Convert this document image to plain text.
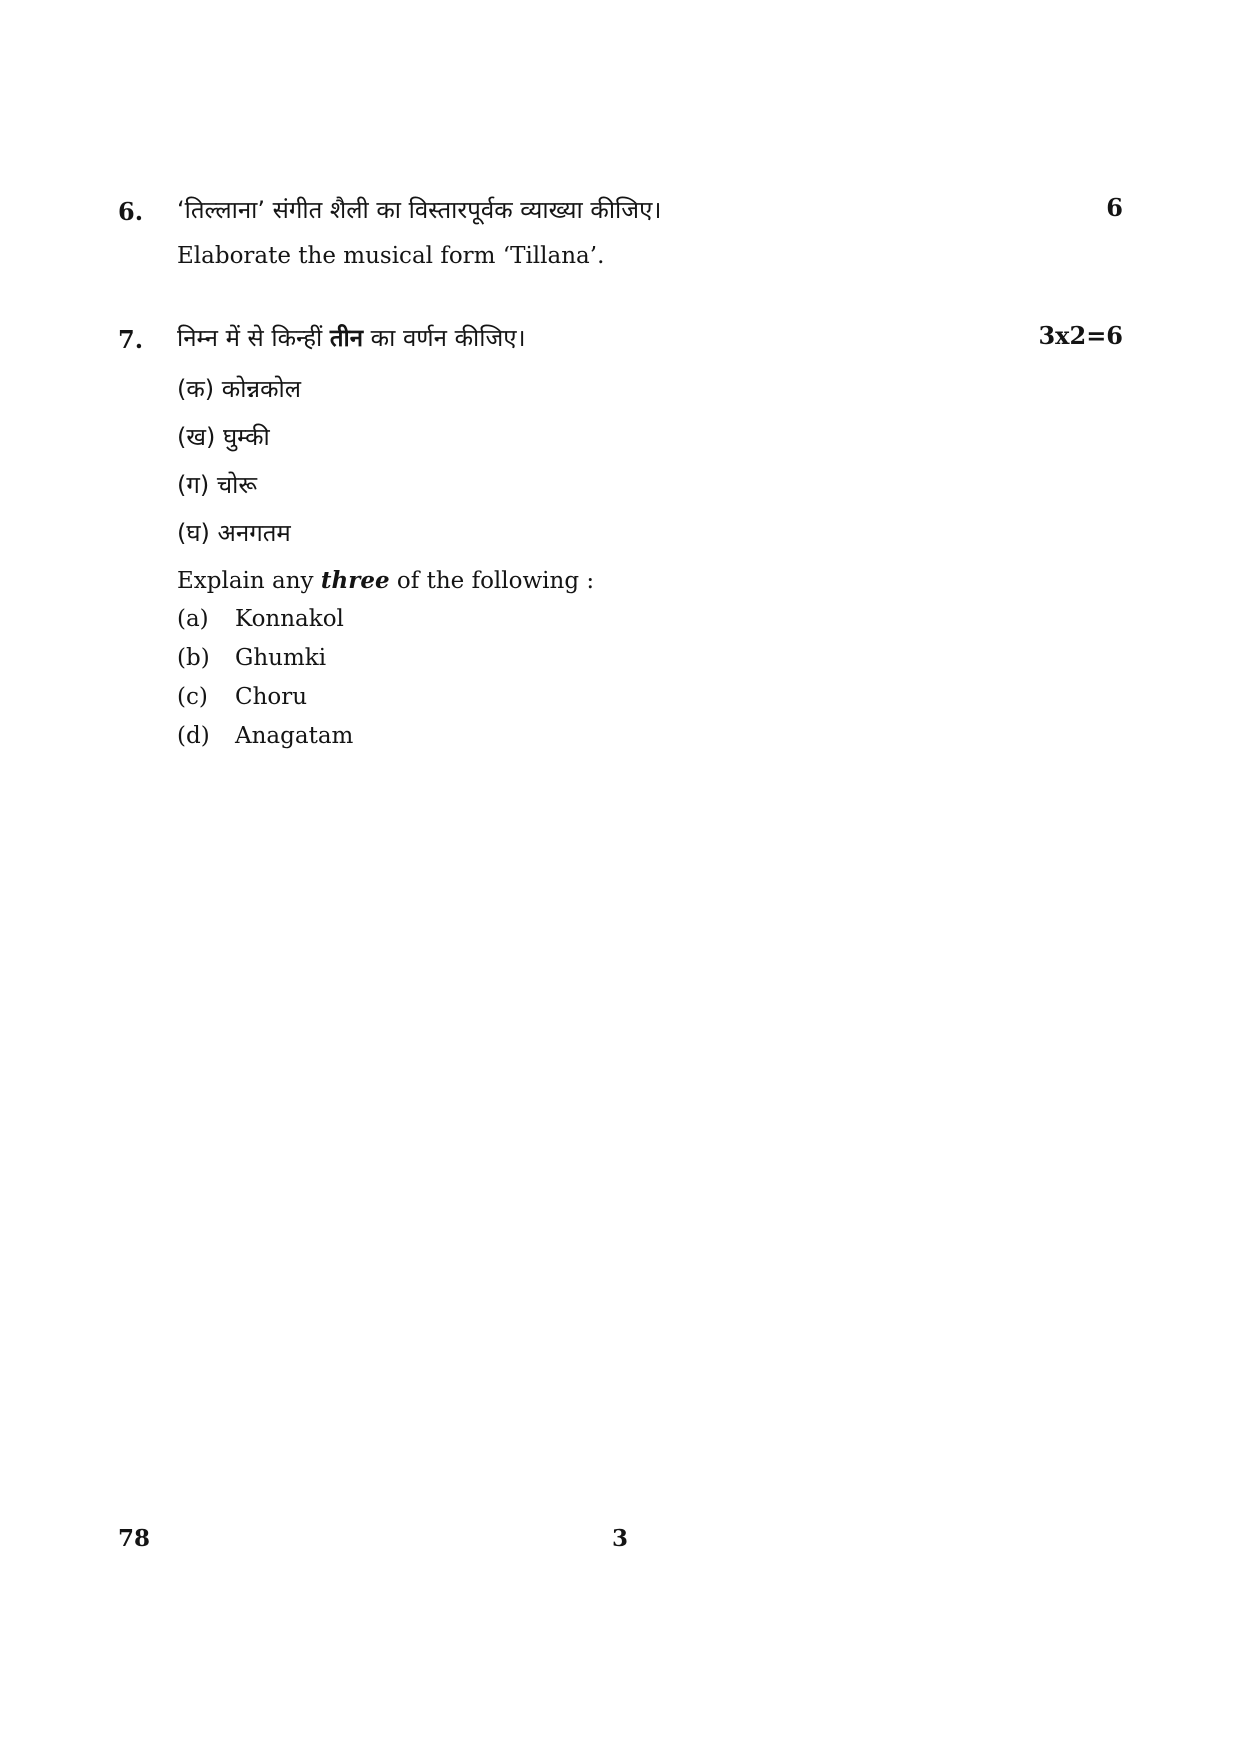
6. ‘तिल्लाना’ संगीत शैली का विस्तारपूर्वक व्याख्या कीजिए।	6
Elaborate the musical form ‘Tillana’.
7. निम्न में से किन्हीं तीन का वर्णन कीजिए।	3x2=6
(क) कोन्नकोल
(ख) घुम्की
(ग) चोरू
(घ) अनगतम
Explain any three of the following :
(a) Konnakol
(b) Ghumki
(c) Choru
(d) Anagatam
78	3
